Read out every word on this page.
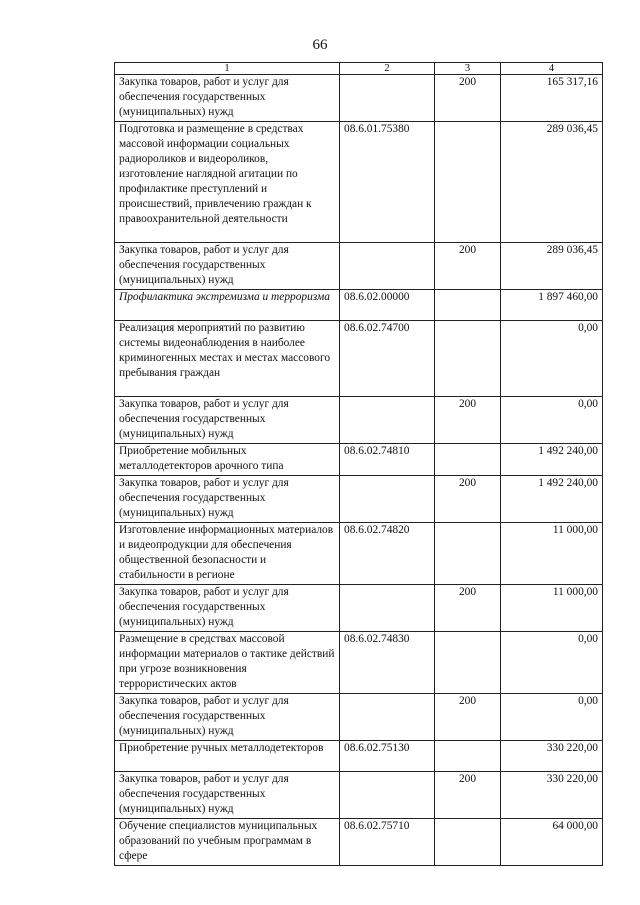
66
1	2	3	4
Закупка товаров, работ и услуг для обеспечения государственных (муниципальных) нужд		200	165 317,16
Подготовка и размещение в средствах массовой информации социальных радиороликов и видеороликов, изготовление наглядной агитации по профилактике преступлений и происшествий, привлечению граждан к правоохранительной деятельности	08.6.01.75380		289 036,45
Закупка товаров, работ и услуг для обеспечения государственных (муниципальных) нужд		200	289 036,45
Профилактика экстремизма и терроризма	08.6.02.00000		1 897 460,00
Реализация мероприятий по развитию системы видеонаблюдения в наиболее криминогенных местах и местах массового пребывания граждан	08.6.02.74700		0,00
Закупка товаров, работ и услуг для обеспечения государственных (муниципальных) нужд		200	0,00
Приобретение мобильных металлодетекторов арочного типа	08.6.02.74810		1 492 240,00
Закупка товаров, работ и услуг для обеспечения государственных (муниципальных) нужд		200	1 492 240,00
Изготовление информационных материалов и видеопродукции для обеспечения общественной безопасности и стабильности в регионе	08.6.02.74820		11 000,00
Закупка товаров, работ и услуг для обеспечения государственных (муниципальных) нужд		200	11 000,00
Размещение в средствах массовой информации материалов о тактике действий при угрозе возникновения террористических актов	08.6.02.74830		0,00
Закупка товаров, работ и услуг для обеспечения государственных (муниципальных) нужд		200	0,00
Приобретение ручных металлодетекторов	08.6.02.75130		330 220,00
Закупка товаров, работ и услуг для обеспечения государственных (муниципальных) нужд		200	330 220,00
Обучение специалистов муниципальных образований по учебным программам в сфере	08.6.02.75710		64 000,00
